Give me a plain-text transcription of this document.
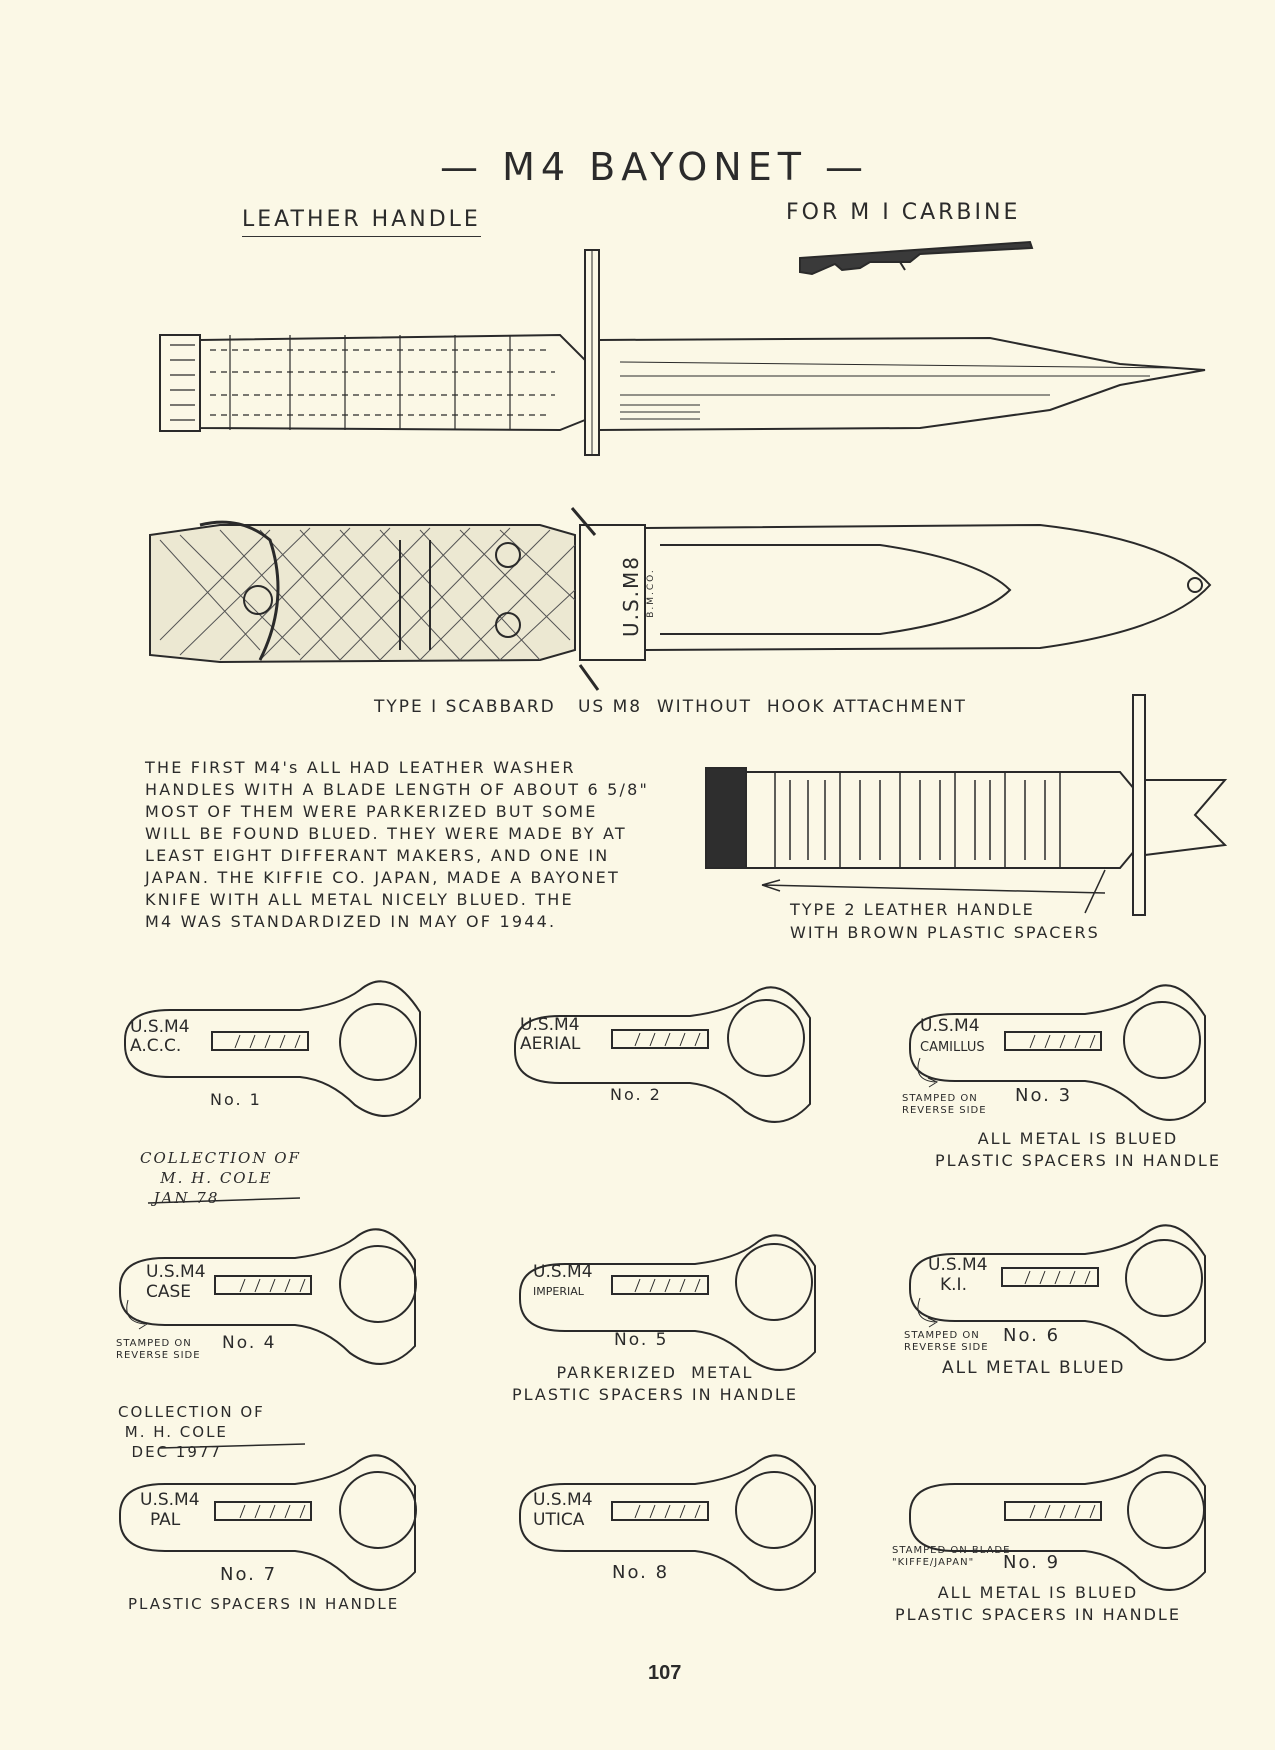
— M4 BAYONET —
LEATHER HANDLE	FOR M I CARBINE
U.S.M8 B.M.CO.
TYPE I SCABBARD   US M8  WITHOUT  HOOK ATTACHMENT
THE FIRST M4's ALL HAD LEATHER WASHER
HANDLES WITH A BLADE LENGTH OF ABOUT 6 5/8"
MOST OF THEM WERE PARKERIZED BUT SOME
WILL BE FOUND BLUED. THEY WERE MADE BY AT
LEAST EIGHT DIFFERANT MAKERS, AND ONE IN
JAPAN. THE KIFFIE CO. JAPAN, MADE A BAYONET
KNIFE WITH ALL METAL NICELY BLUED. THE
M4 WAS STANDARDIZED IN MAY OF 1944.
TYPE 2 LEATHER HANDLE
WITH BROWN PLASTIC SPACERS
U.S.M4
A.C.C.
U.S.M4
AERIAL
U.S.M4
CAMILLUS
U.S.M4
CASE
U.S.M4
IMPERIAL
U.S.M4
K.I.
U.S.M4
PAL
U.S.M4
UTICA
No. 1	No. 2	No. 3
No. 4	No. 5	No. 6
No. 7	No. 8	No. 9
STAMPED ON
REVERSE SIDE
STAMPED ON
REVERSE SIDE
STAMPED ON
REVERSE SIDE
STAMPED ON BLADE
"KIFFE/JAPAN"
ALL METAL IS BLUED
PLASTIC SPACERS IN HANDLE
PARKERIZED  METAL
PLASTIC SPACERS IN HANDLE
ALL METAL BLUED
PLASTIC SPACERS IN HANDLE
ALL METAL IS BLUED
PLASTIC SPACERS IN HANDLE
COLLECTION OF
M. H. COLE
JAN 78
COLLECTION OF
M. H. COLE
DEC 1977
107
